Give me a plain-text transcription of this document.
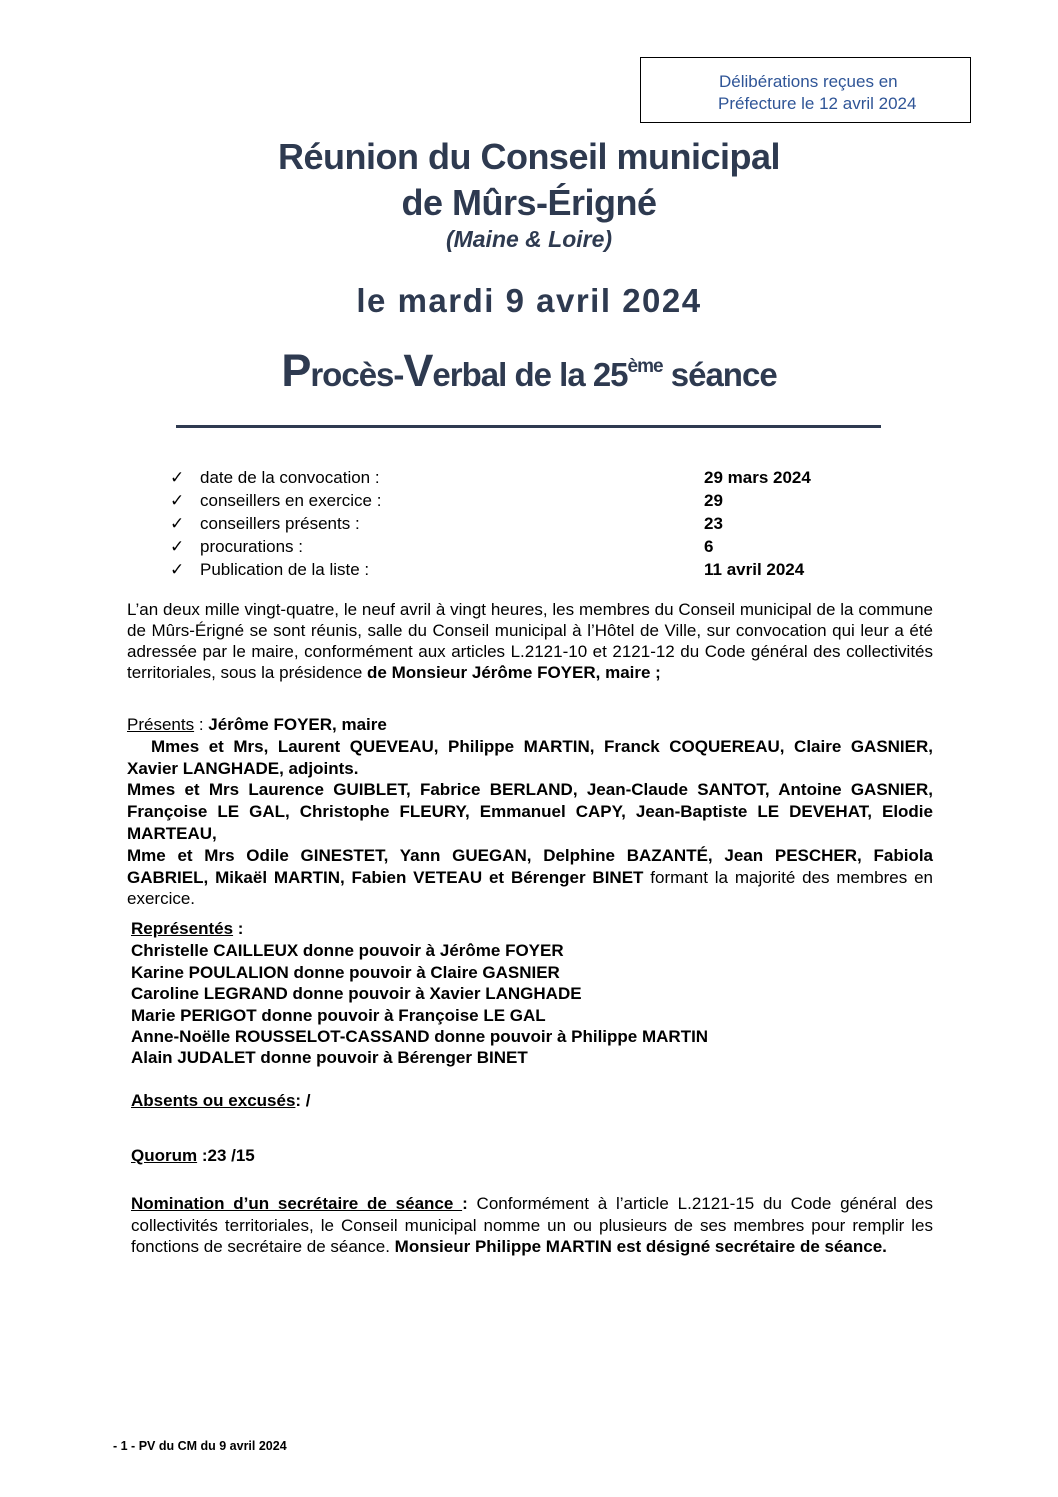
Délibérations reçues en
Préfecture le 12 avril 2024
Réunion du Conseil municipal
de Mûrs-Érigné
(Maine & Loire)
le mardi 9 avril 2024
Procès-Verbal de la 25ème séance
✓ date de la convocation :	29 mars 2024
✓ conseillers en exercice :	29
✓ conseillers présents :	23
✓ procurations :	6
✓ Publication de la liste :	11 avril 2024
L’an deux mille vingt-quatre, le neuf avril à vingt heures, les membres du Conseil municipal de la commune de Mûrs-Érigné se sont réunis, salle du Conseil municipal à l’Hôtel de Ville, sur convocation qui leur a été adressée par le maire, conformément aux articles L.2121-10 et 2121-12 du Code général des collectivités territoriales, sous la présidence de Monsieur Jérôme FOYER, maire ;
Présents : Jérôme FOYER, maire
Mmes et Mrs, Laurent QUEVEAU, Philippe MARTIN, Franck COQUEREAU, Claire GASNIER, Xavier LANGHADE, adjoints.
Mmes et Mrs Laurence GUIBLET, Fabrice BERLAND, Jean-Claude SANTOT, Antoine GASNIER, Françoise LE GAL, Christophe FLEURY, Emmanuel CAPY, Jean-Baptiste LE DEVEHAT, Elodie MARTEAU,
Mme et Mrs Odile GINESTET, Yann GUEGAN, Delphine BAZANTÉ, Jean PESCHER, Fabiola GABRIEL, Mikaël MARTIN, Fabien VETEAU et Bérenger BINET formant la majorité des membres en exercice.
Représentés :
Christelle CAILLEUX donne pouvoir à Jérôme FOYER
Karine POULALION donne pouvoir à Claire GASNIER
Caroline LEGRAND donne pouvoir à Xavier LANGHADE
Marie PERIGOT donne pouvoir à Françoise LE GAL
Anne-Noëlle ROUSSELOT-CASSAND donne pouvoir à Philippe MARTIN
Alain JUDALET donne pouvoir à Bérenger BINET
Absents ou excusés: /
Quorum :23 /15
Nomination d’un secrétaire de séance : Conformément à l’article L.2121-15 du Code général des collectivités territoriales, le Conseil municipal nomme un ou plusieurs de ses membres pour remplir les fonctions de secrétaire de séance. Monsieur Philippe MARTIN est désigné secrétaire de séance.
- 1 - PV du CM du 9 avril 2024
